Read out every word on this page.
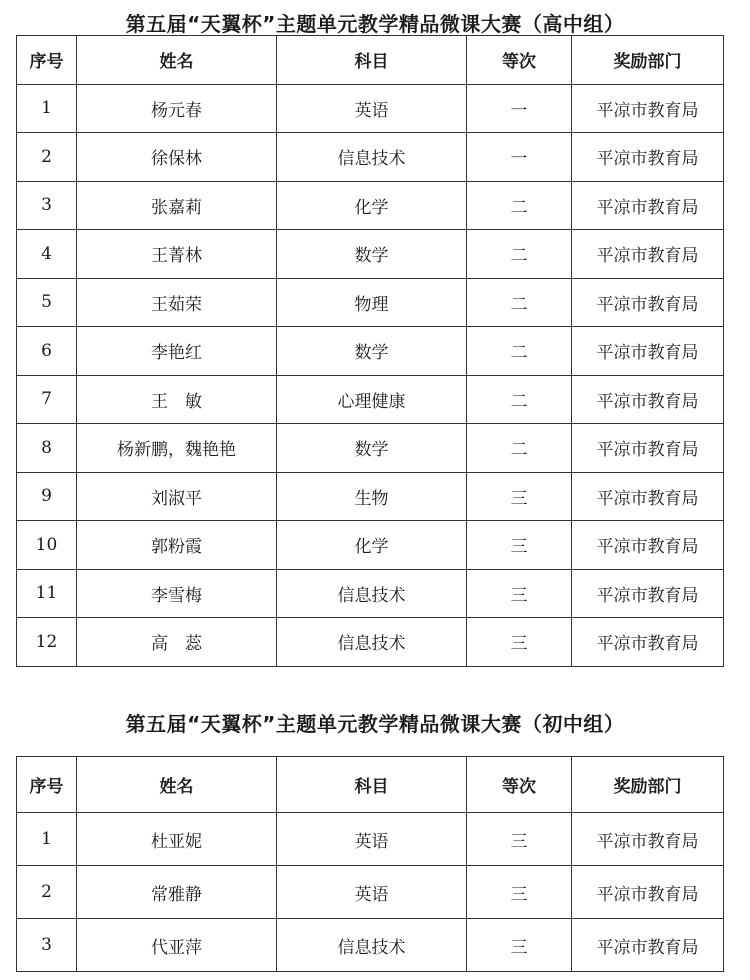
第五届“天翼杯”主题单元教学精品微课大赛（高中组）
序号	姓名	科目	等次	奖励部门
1	杨元春	英语	一	平凉市教育局
2	徐保林	信息技术	一	平凉市教育局
3	张嘉莉	化学	二	平凉市教育局
4	王菁林	数学	二	平凉市教育局
5	王茹荣	物理	二	平凉市教育局
6	李艳红	数学	二	平凉市教育局
7	王　敏	心理健康	二	平凉市教育局
8	杨新鹏，魏艳艳	数学	二	平凉市教育局
9	刘淑平	生物	三	平凉市教育局
10	郭粉霞	化学	三	平凉市教育局
11	李雪梅	信息技术	三	平凉市教育局
12	高　蕊	信息技术	三	平凉市教育局
第五届“天翼杯”主题单元教学精品微课大赛（初中组）
序号	姓名	科目	等次	奖励部门
1	杜亚妮	英语	三	平凉市教育局
2	常雅静	英语	三	平凉市教育局
3	代亚萍	信息技术	三	平凉市教育局
